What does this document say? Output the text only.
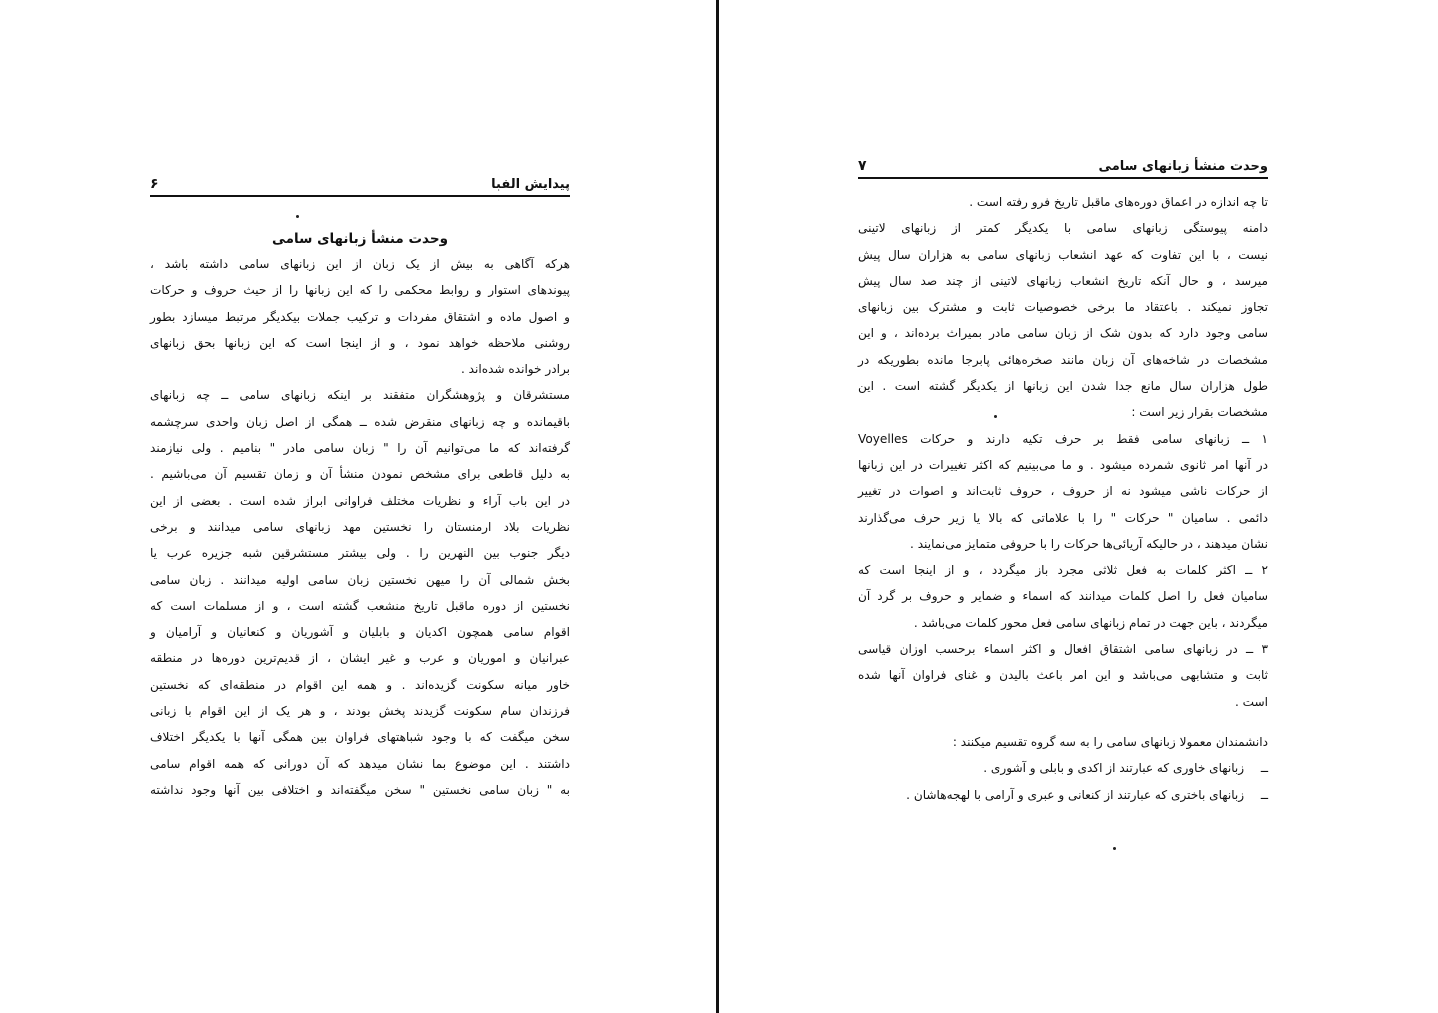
پیدایش الفبا
۶
وحدت منشأ زبانهای سامی

هرکه آگاهی به بیش از یک زبان از این زبانهای سامی داشته باشد ،
پیوندهای استوار و روابط محکمی را که این زبانها را از حیث حروف و حرکات
و اصول ماده و اشتقاق مفردات و ترکیب جملات بیکدیگر مرتبط میسازد بطور
روشنی ملاحظه خواهد نمود ، و از اینجا است که این زبانها بحق زبانهای
برادر خوانده شده‌اند .

مستشرقان و پژوهشگران متفقند بر اینکه زبانهای سامی ــ چه زبانهای
باقیمانده و چه زبانهای منقرض شده ــ همگی از اصل زبان واحدی سرچشمه
گرفته‌اند که ما می‌توانیم آن را " زبان سامی مادر " بنامیم . ولی نیازمند
به دلیل قاطعی برای مشخص نمودن منشأ آن و زمان تقسیم آن می‌باشیم .
در این باب آراء و نظریات مختلف فراوانی ابراز شده است . بعضی از این
نظریات بلاد ارمنستان را نخستین مهد زبانهای سامی میدانند و برخی
دیگر جنوب بین النهرین را . ولی بیشتر مستشرقین شبه جزیره عرب یا
بخش شمالی آن را میهن نخستین زبان سامی اولیه میدانند . زبان سامی
نخستین از دوره ماقبل تاریخ منشعب گشته است ، و از مسلمات است که
اقوام سامی همچون اکدیان و بابلیان و آشوریان و کنعانیان و آرامیان و
عبرانیان و اموریان و عرب و غیر ایشان ، از قدیم‌ترین دوره‌ها در منطقه
خاور میانه سکونت گزیده‌اند . و همه این اقوام در منطقه‌ای که نخستین
فرزندان سام سکونت گزیدند پخش بودند ، و هر یک از این اقوام با زبانی
سخن میگفت که با وجود شباهتهای فراوان بین همگی آنها با یکدیگر اختلاف
داشتند . این موضوع بما نشان میدهد که آن دورانی که همه اقوام سامی
به " زبان سامی نخستین " سخن میگفته‌اند و اختلافی بین آنها وجود نداشته

وحدت منشأ زبانهای سامی
۷

تا چه اندازه در اعماق دوره‌های ماقبل تاریخ فرو رفته است .

دامنه پیوستگی زبانهای سامی با یکدیگر کمتر از زبانهای لاتینی
نیست ، با این تفاوت که عهد انشعاب زبانهای سامی به هزاران سال پیش
میرسد ، و حال آنکه تاریخ انشعاب زبانهای لاتینی از چند صد سال پیش
تجاوز نمیکند . باعتقاد ما برخی خصوصیات ثابت و مشترک بین زبانهای
سامی وجود دارد که بدون شک از زبان سامی مادر بمیراث برده‌اند ، و این
مشخصات در شاخه‌های آن زبان مانند صخره‌هائی پابرجا مانده بطوریکه در
طول هزاران سال مانع جدا شدن این زبانها از یکدیگر گشته است . این
مشخصات بقرار زیر است :

۱ ــ زبانهای سامی فقط بر حرف تکیه دارند و حرکات Voyelles
در آنها امر ثانوی شمرده میشود . و ما می‌بینیم که اکثر تغییرات در این زبانها
از حرکات ناشی میشود نه از حروف ، حروف ثابت‌اند و اصوات در تغییر
دائمی . سامیان " حرکات " را با علاماتی که بالا یا زیر حرف می‌گذارند
نشان میدهند ، در حالیکه آریائی‌ها حرکات را با حروفی متمایز می‌نمایند .

۲ ــ اکثر کلمات به فعل ثلاثی مجرد باز میگردد ، و از اینجا است که
سامیان فعل را اصل کلمات میدانند که اسماء و ضمایر و حروف بر گرد آن
میگردند ، باین جهت در تمام زبانهای سامی فعل محور کلمات می‌باشد .

۳ ــ در زبانهای سامی اشتقاق افعال و اکثر اسماء برحسب اوزان قیاسی
ثابت و متشابهی می‌باشد و این امر باعث بالیدن و غنای فراوان آنها شده
است .

دانشمندان معمولا زبانهای سامی را به سه گروه تقسیم میکنند :

ــ زبانهای خاوری که عبارتند از اکدی و بابلی و آشوری .
ــ زبانهای باختری که عبارتند از کنعانی و عبری و آرامی با لهجه‌هاشان .
